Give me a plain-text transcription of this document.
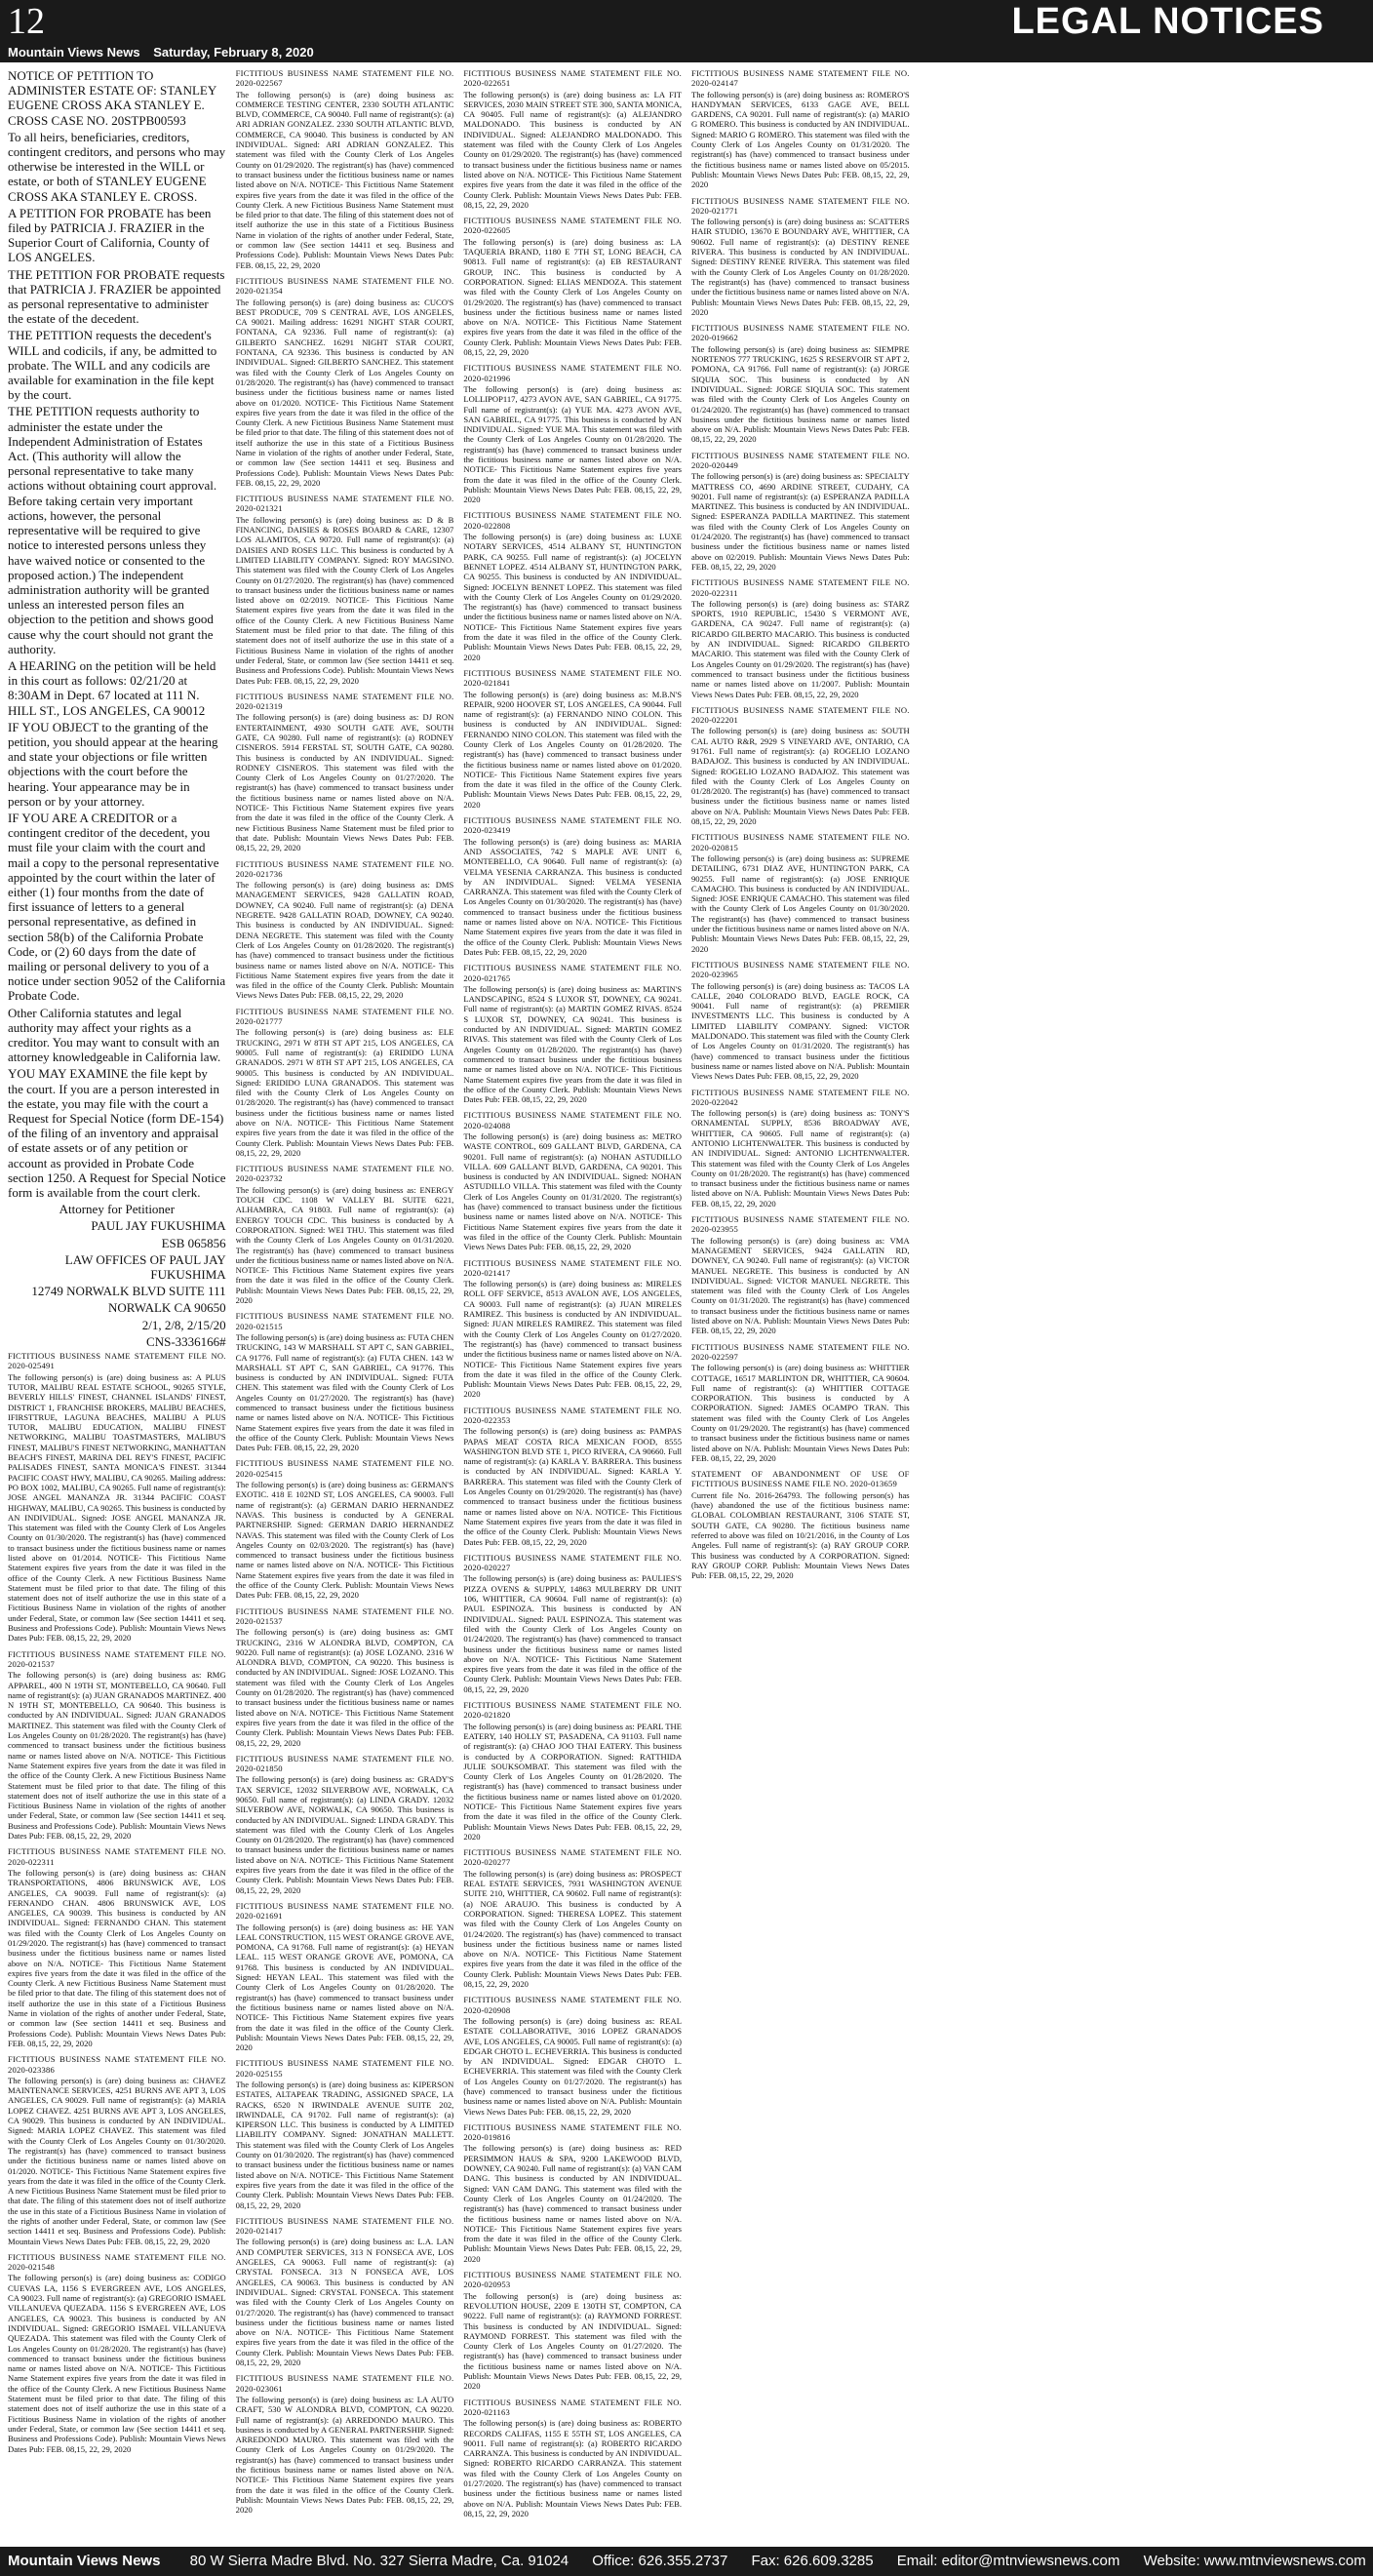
12	LEGAL NOTICES
Mountain Views News Saturday, February 8, 2020

NOTICE OF PETITION TO ADMINISTER ESTATE OF: STANLEY EUGENE CROSS AKA STANLEY E. CROSS CASE NO. 20STPB00593

To all heirs, beneficiaries, creditors, contingent creditors, and persons who may otherwise be interested in the WILL or estate, or both of STANLEY EUGENE CROSS AKA STANLEY E. CROSS.

A PETITION FOR PROBATE has been filed by PATRICIA J. FRAZIER in the Superior Court of California, County of LOS ANGELES.

THE PETITION FOR PROBATE requests that PATRICIA J. FRAZIER be appointed as personal representative to administer the estate of the decedent.

THE PETITION requests the decedent's WILL and codicils, if any, be admitted to probate. The WILL and any codicils are available for examination in the file kept by the court.

THE PETITION requests authority to administer the estate under the Independent Administration of Estates Act. (This authority will allow the personal representative to take many actions without obtaining court approval. Before taking certain very important actions, however, the personal representative will be required to give notice to interested persons unless they have waived notice or consented to the proposed action.) The independent administration authority will be granted unless an interested person files an objection to the petition and shows good cause why the court should not grant the authority.

A HEARING on the petition will be held in this court as follows: 02/21/20 at 8:30AM in Dept. 67 located at 111 N. HILL ST., LOS ANGELES, CA 90012

IF YOU OBJECT to the granting of the petition, you should appear at the hearing and state your objections or file written objections with the court before the hearing. Your appearance may be in person or by your attorney.

IF YOU ARE A CREDITOR or a contingent creditor of the decedent, you must file your claim with the court and mail a copy to the personal representative appointed by the court within the later of either (1) four months from the date of first issuance of letters to a general personal representative, as defined in section 58(b) of the California Probate Code, or (2) 60 days from the date of mailing or personal delivery to you of a notice under section 9052 of the California Probate Code.

Other California statutes and legal authority may affect your rights as a creditor. You may want to consult with an attorney knowledgeable in California law.

YOU MAY EXAMINE the file kept by the court. If you are a person interested in the estate, you may file with the court a Request for Special Notice (form DE-154) of the filing of an inventory and appraisal of estate assets or of any petition or account as provided in Probate Code section 1250. A Request for Special Notice form is available from the court clerk.

Attorney for Petitioner

PAUL JAY FUKUSHIMA

ESB 065856

LAW OFFICES OF PAUL JAY FUKUSHIMA

12749 NORWALK BLVD SUITE 111

NORWALK CA 90650

2/1, 2/8, 2/15/20

CNS-3336166#

FICTITIOUS BUSINESS NAME STATEMENT FILE NO. 2020-025491

The following person(s) is (are) doing business as: A PLUS TUTOR, MALIBU REAL ESTATE SCHOOL, 90265 STYLE, BEVERLY HILLS' FINEST, CHANNEL ISLANDS' FINEST, DISTRICT 1, FRANCHISE BROKERS, MALIBU BEACHES, IFIRSTTRUE, LAGUNA BEACHES, MALIBU A PLUS TUTOR, MALIBU EDUCATION, MALIBU FINEST NETWORKING, MALIBU TOASTMASTERS, MALIBU'S FINEST, MALIBU'S FINEST NETWORKING, MANHATTAN BEACH'S FINEST, MARINA DEL REY'S FINEST, PACIFIC PALISADES FINEST, SANTA MONICA'S FINEST. 31344 PACIFIC COAST HWY, MALIBU, CA 90265. Mailing address: PO BOX 1002, MALIBU, CA 90265. Full name of registrant(s): JOSE ANGEL MANANZA JR. 31344 PACIFIC COAST HIGHWAY, MALIBU, CA 90265. This business is conducted by AN INDIVIDUAL. Signed: JOSE ANGEL MANANZA JR. This statement was filed with the County Clerk of Los Angeles County on 01/30/2020. The registrant(s) has (have) commenced to transact business under the fictitious business name or names listed above on 01/2014. NOTICE- This Fictitious Name Statement expires five years from the date it was filed in the office of the County Clerk. A new Fictitious Business Name Statement must be filed prior to that date. The filing of this statement does not of itself authorize the use in this state of a Fictitious Business Name in violation of the rights of another under Federal, State, or common law (See section 14411 et seq. Business and Professions Code). Publish: Mountain Views News Dates Pub: FEB. 08,15, 22, 29, 2020

FICTITIOUS BUSINESS NAME STATEMENT FILE NO. 2020-021537

The following person(s) is (are) doing business as: RMG APPAREL, 400 N 19TH ST, MONTEBELLO, CA 90640. Full name of registrant(s): (a) JUAN GRANADOS MARTINEZ. 400 N 19TH ST, MONTEBELLO, CA 90640. This business is conducted by AN INDIVIDUAL. Signed: JUAN GRANADOS MARTINEZ. This statement was filed with the County Clerk of Los Angeles County on 01/28/2020. The registrant(s) has (have) commenced to transact business under the fictitious business name or names listed above on N/A. NOTICE- This Fictitious Name Statement expires five years from the date it was filed in the office of the County Clerk. A new Fictitious Business Name Statement must be filed prior to that date. The filing of this statement does not of itself authorize the use in this state of a Fictitious Business Name in violation of the rights of another under Federal, State, or common law (See section 14411 et seq. Business and Professions Code). Publish: Mountain Views News Dates Pub: FEB. 08,15, 22, 29, 2020

FICTITIOUS BUSINESS NAME STATEMENT FILE NO. 2020-022311

The following person(s) is (are) doing business as: CHAN TRANSPORTATIONS, 4806 BRUNSWICK AVE, LOS ANGELES, CA 90039. Full name of registrant(s): (a) FERNANDO CHAN. 4806 BRUNSWICK AVE, LOS ANGELES, CA 90039. This business is conducted by AN INDIVIDUAL. Signed: FERNANDO CHAN. This statement was filed with the County Clerk of Los Angeles County on 01/29/2020. The registrant(s) has (have) commenced to transact business under the fictitious business name or names listed above on N/A. NOTICE- This Fictitious Name Statement expires five years from the date it was filed in the office of the County Clerk. A new Fictitious Business Name Statement must be filed prior to that date. The filing of this statement does not of itself authorize the use in this state of a Fictitious Business Name in violation of the rights of another under Federal, State, or common law (See section 14411 et seq. Business and Professions Code). Publish: Mountain Views News Dates Pub: FEB. 08,15, 22, 29, 2020

FICTITIOUS BUSINESS NAME STATEMENT FILE NO. 2020-023386

The following person(s) is (are) doing business as: CHAVEZ MAINTENANCE SERVICES, 4251 BURNS AVE APT 3, LOS ANGELES, CA 90029. Full name of registrant(s): (a) MARIA LOPEZ CHAVEZ. 4251 BURNS AVE APT 3, LOS ANGELES, CA 90029. This business is conducted by AN INDIVIDUAL. Signed: MARIA LOPEZ CHAVEZ. This statement was filed with the County Clerk of Los Angeles County on 01/30/2020. The registrant(s) has (have) commenced to transact business under the fictitious business name or names listed above on 01/2020. NOTICE- This Fictitious Name Statement expires five years from the date it was filed in the office of the County Clerk. A new Fictitious Business Name Statement must be filed prior to that date. The filing of this statement does not of itself authorize the use in this state of a Fictitious Business Name in violation of the rights of another under Federal, State, or common law (See section 14411 et seq. Business and Professions Code). Publish: Mountain Views News Dates Pub: FEB. 08,15, 22, 29, 2020

FICTITIOUS BUSINESS NAME STATEMENT FILE NO. 2020-021548

The following person(s) is (are) doing business as: CODIGO CUEVAS LA, 1156 S EVERGREEN AVE, LOS ANGELES, CA 90023. Full name of registrant(s): (a) GREGORIO ISMAEL VILLANUEVA QUEZADA. 1156 S EVERGREEN AVE, LOS ANGELES, CA 90023. This business is conducted by AN INDIVIDUAL. Signed: GREGORIO ISMAEL VILLANUEVA QUEZADA. This statement was filed with the County Clerk of Los Angeles County on 01/28/2020. The registrant(s) has (have) commenced to transact business under the fictitious business name or names listed above on N/A. NOTICE- This Fictitious Name Statement expires five years from the date it was filed in the office of the County Clerk. A new Fictitious Business Name Statement must be filed prior to that date. The filing of this statement does not of itself authorize the use in this state of a Fictitious Business Name in violation of the rights of another under Federal, State, or common law (See section 14411 et seq. Business and Professions Code). Publish: Mountain Views News Dates Pub: FEB. 08,15, 22, 29, 2020

FICTITIOUS BUSINESS NAME STATEMENT FILE NO. 2020-022567

The following person(s) is (are) doing business as: COMMERCE TESTING CENTER, 2330 SOUTH ATLANTIC BLVD, COMMERCE, CA 90040. Full name of registrant(s): (a) ARI ADRIAN GONZALEZ. 2330 SOUTH ATLANTIC BLVD, COMMERCE, CA 90040. This business is conducted by AN INDIVIDUAL. Signed: ARI ADRIAN GONZALEZ. This statement was filed with the County Clerk of Los Angeles County on 01/29/2020. The registrant(s) has (have) commenced to transact business under the fictitious business name or names listed above on N/A. NOTICE- This Fictitious Name Statement expires five years from the date it was filed in the office of the County Clerk. A new Fictitious Business Name Statement must be filed prior to that date. The filing of this statement does not of itself authorize the use in this state of a Fictitious Business Name in violation of the rights of another under Federal, State, or common law (See section 14411 et seq. Business and Professions Code). Publish: Mountain Views News Dates Pub: FEB. 08,15, 22, 29, 2020

FICTITIOUS BUSINESS NAME STATEMENT FILE NO. 2020-021354

The following person(s) is (are) doing business as: CUCO'S BEST PRODUCE, 709 S CENTRAL AVE, LOS ANGELES, CA 90021. Mailing address: 16291 NIGHT STAR COURT, FONTANA, CA 92336. Full name of registrant(s): (a) GILBERTO SANCHEZ. 16291 NIGHT STAR COURT, FONTANA, CA 92336. This business is conducted by AN INDIVIDUAL. Signed: GILBERTO SANCHEZ. This statement was filed with the County Clerk of Los Angeles County on 01/28/2020. The registrant(s) has (have) commenced to transact business under the fictitious business name or names listed above on 01/2020. NOTICE- This Fictitious Name Statement expires five years from the date it was filed in the office of the County Clerk. A new Fictitious Business Name Statement must be filed prior to that date. The filing of this statement does not of itself authorize the use in this state of a Fictitious Business Name in violation of the rights of another under Federal, State, or common law (See section 14411 et seq. Business and Professions Code). Publish: Mountain Views News Dates Pub: FEB. 08,15, 22, 29, 2020

FICTITIOUS BUSINESS NAME STATEMENT FILE NO. 2020-021321

The following person(s) is (are) doing business as: D & B FINANCING, DAISIES & ROSES BOARD & CARE, 12307 LOS ALAMITOS, CA 90720. Full name of registrant(s): (a) DAISIES AND ROSES LLC. This business is conducted by A LIMITED LIABILITY COMPANY. Signed: ROY MAGSINO. This statement was filed with the County Clerk of Los Angeles County on 01/27/2020. The registrant(s) has (have) commenced to transact business under the fictitious business name or names listed above on 02/2019. NOTICE- This Fictitious Name Statement expires five years from the date it was filed in the office of the County Clerk. A new Fictitious Business Name Statement must be filed prior to that date. The filing of this statement does not of itself authorize the use in this state of a Fictitious Business Name in violation of the rights of another under Federal, State, or common law (See section 14411 et seq. Business and Professions Code). Publish: Mountain Views News Dates Pub: FEB. 08,15, 22, 29, 2020

FICTITIOUS BUSINESS NAME STATEMENT FILE NO. 2020-021319

The following person(s) is (are) doing business as: DJ RON ENTERTAINMENT, 4930 SOUTH GATE AVE, SOUTH GATE, CA 90280. Full name of registrant(s): (a) RODNEY CISNEROS. 5914 FERSTAL ST, SOUTH GATE, CA 90280. This business is conducted by AN INDIVIDUAL. Signed: RODNEY CISNEROS. This statement was filed with the County Clerk of Los Angeles County on 01/27/2020. The registrant(s) has (have) commenced to transact business under the fictitious business name or names listed above on N/A. NOTICE- This Fictitious Name Statement expires five years from the date it was filed in the office of the County Clerk. A new Fictitious Business Name Statement must be filed prior to that date. Publish: Mountain Views News Dates Pub: FEB. 08,15, 22, 29, 2020

FICTITIOUS BUSINESS NAME STATEMENT FILE NO. 2020-021736

The following person(s) is (are) doing business as: DMS MANAGEMENT SERVICES, 9428 GALLATIN ROAD, DOWNEY, CA 90240. Full name of registrant(s): (a) DENA NEGRETE. 9428 GALLATIN ROAD, DOWNEY, CA 90240. This business is conducted by AN INDIVIDUAL. Signed: DENA NEGRETE. This statement was filed with the County Clerk of Los Angeles County on 01/28/2020. The registrant(s) has (have) commenced to transact business under the fictitious business name or names listed above on N/A. NOTICE- This Fictitious Name Statement expires five years from the date it was filed in the office of the County Clerk. Publish: Mountain Views News Dates Pub: FEB. 08,15, 22, 29, 2020

FICTITIOUS BUSINESS NAME STATEMENT FILE NO. 2020-021777

The following person(s) is (are) doing business as: ELE TRUCKING, 2971 W 8TH ST APT 215, LOS ANGELES, CA 90005. Full name of registrant(s): (a) ERIDIDO LUNA GRANADOS. 2971 W 8TH ST APT 215, LOS ANGELES, CA 90005. This business is conducted by AN INDIVIDUAL. Signed: ERIDIDO LUNA GRANADOS. This statement was filed with the County Clerk of Los Angeles County on 01/28/2020. The registrant(s) has (have) commenced to transact business under the fictitious business name or names listed above on N/A. NOTICE- This Fictitious Name Statement expires five years from the date it was filed in the office of the County Clerk. Publish: Mountain Views News Dates Pub: FEB. 08,15, 22, 29, 2020

FICTITIOUS BUSINESS NAME STATEMENT FILE NO. 2020-023732

The following person(s) is (are) doing business as: ENERGY TOUCH CDC. 1108 W VALLEY BL SUITE 6221, ALHAMBRA, CA 91803. Full name of registrant(s): (a) ENERGY TOUCH CDC. This business is conducted by A CORPORATION. Signed: WEI THU. This statement was filed with the County Clerk of Los Angeles County on 01/31/2020. The registrant(s) has (have) commenced to transact business under the fictitious business name or names listed above on N/A. NOTICE- This Fictitious Name Statement expires five years from the date it was filed in the office of the County Clerk. Publish: Mountain Views News Dates Pub: FEB. 08,15, 22, 29, 2020

FICTITIOUS BUSINESS NAME STATEMENT FILE NO. 2020-021515

The following person(s) is (are) doing business as: FUTA CHEN TRUCKING, 143 W MARSHALL ST APT C, SAN GABRIEL, CA 91776. Full name of registrant(s): (a) FUTA CHEN. 143 W MARSHALL ST APT C, SAN GABRIEL, CA 91776. This business is conducted by AN INDIVIDUAL. Signed: FUTA CHEN. This statement was filed with the County Clerk of Los Angeles County on 01/27/2020. The registrant(s) has (have) commenced to transact business under the fictitious business name or names listed above on N/A. NOTICE- This Fictitious Name Statement expires five years from the date it was filed in the office of the County Clerk. Publish: Mountain Views News Dates Pub: FEB. 08,15, 22, 29, 2020

FICTITIOUS BUSINESS NAME STATEMENT FILE NO. 2020-025415

The following person(s) is (are) doing business as: GERMAN'S EXOTIC. 418 E 102ND ST, LOS ANGELES, CA 90003. Full name of registrant(s): (a) GERMAN DARIO HERNANDEZ NAVAS. This business is conducted by A GENERAL PARTNERSHIP. Signed: GERMAN DARIO HERNANDEZ NAVAS. This statement was filed with the County Clerk of Los Angeles County on 02/03/2020. The registrant(s) has (have) commenced to transact business under the fictitious business name or names listed above on N/A. NOTICE- This Fictitious Name Statement expires five years from the date it was filed in the office of the County Clerk. Publish: Mountain Views News Dates Pub: FEB. 08,15, 22, 29, 2020

FICTITIOUS BUSINESS NAME STATEMENT FILE NO. 2020-021537

The following person(s) is (are) doing business as: GMT TRUCKING, 2316 W ALONDRA BLVD, COMPTON, CA 90220. Full name of registrant(s): (a) JOSE LOZANO. 2316 W ALONDRA BLVD, COMPTON, CA 90220. This business is conducted by AN INDIVIDUAL. Signed: JOSE LOZANO. This statement was filed with the County Clerk of Los Angeles County on 01/28/2020. The registrant(s) has (have) commenced to transact business under the fictitious business name or names listed above on N/A. NOTICE- This Fictitious Name Statement expires five years from the date it was filed in the office of the County Clerk. Publish: Mountain Views News Dates Pub: FEB. 08,15, 22, 29, 2020

FICTITIOUS BUSINESS NAME STATEMENT FILE NO. 2020-021850

The following person(s) is (are) doing business as: GRADY'S TAX SERVICE, 12032 SILVERBOW AVE, NORWALK, CA 90650. Full name of registrant(s): (a) LINDA GRADY. 12032 SILVERBOW AVE, NORWALK, CA 90650. This business is conducted by AN INDIVIDUAL. Signed: LINDA GRADY. This statement was filed with the County Clerk of Los Angeles County on 01/28/2020. The registrant(s) has (have) commenced to transact business under the fictitious business name or names listed above on N/A. NOTICE- This Fictitious Name Statement expires five years from the date it was filed in the office of the County Clerk. Publish: Mountain Views News Dates Pub: FEB. 08,15, 22, 29, 2020

FICTITIOUS BUSINESS NAME STATEMENT FILE NO. 2020-021691

The following person(s) is (are) doing business as: HE YAN LEAL CONSTRUCTION, 115 WEST ORANGE GROVE AVE, POMONA, CA 91768. Full name of registrant(s): (a) HEYAN LEAL. 115 WEST ORANGE GROVE AVE, POMONA, CA 91768. This business is conducted by AN INDIVIDUAL. Signed: HEYAN LEAL. This statement was filed with the County Clerk of Los Angeles County on 01/28/2020. The registrant(s) has (have) commenced to transact business under the fictitious business name or names listed above on N/A. NOTICE- This Fictitious Name Statement expires five years from the date it was filed in the office of the County Clerk. Publish: Mountain Views News Dates Pub: FEB. 08,15, 22, 29, 2020

FICTITIOUS BUSINESS NAME STATEMENT FILE NO. 2020-025155

The following person(s) is (are) doing business as: KIPERSON ESTATES, ALTAPEAK TRADING, ASSIGNED SPACE, LA RACKS, 6520 N IRWINDALE AVENUE SUITE 202, IRWINDALE, CA 91702. Full name of registrant(s): (a) KIPERSON LLC. This business is conducted by A LIMITED LIABILITY COMPANY. Signed: JONATHAN MALLETT. This statement was filed with the County Clerk of Los Angeles County on 01/30/2020. The registrant(s) has (have) commenced to transact business under the fictitious business name or names listed above on N/A. NOTICE- This Fictitious Name Statement expires five years from the date it was filed in the office of the County Clerk. Publish: Mountain Views News Dates Pub: FEB. 08,15, 22, 29, 2020

FICTITIOUS BUSINESS NAME STATEMENT FILE NO. 2020-021417

The following person(s) is (are) doing business as: L.A. LAN AND COMPUTER SERVICES, 313 N FONSECA AVE, LOS ANGELES, CA 90063. Full name of registrant(s): (a) CRYSTAL FONSECA. 313 N FONSECA AVE, LOS ANGELES, CA 90063. This business is conducted by AN INDIVIDUAL. Signed: CRYSTAL FONSECA. This statement was filed with the County Clerk of Los Angeles County on 01/27/2020. The registrant(s) has (have) commenced to transact business under the fictitious business name or names listed above on N/A. NOTICE- This Fictitious Name Statement expires five years from the date it was filed in the office of the County Clerk. Publish: Mountain Views News Dates Pub: FEB. 08,15, 22, 29, 2020

FICTITIOUS BUSINESS NAME STATEMENT FILE NO. 2020-023061

The following person(s) is (are) doing business as: LA AUTO CRAFT, 530 W ALONDRA BLVD, COMPTON, CA 90220. Full name of registrant(s): (a) ARREDONDO MAURO. This business is conducted by A GENERAL PARTNERSHIP. Signed: ARREDONDO MAURO. This statement was filed with the County Clerk of Los Angeles County on 01/29/2020. The registrant(s) has (have) commenced to transact business under the fictitious business name or names listed above on N/A. NOTICE- This Fictitious Name Statement expires five years from the date it was filed in the office of the County Clerk. Publish: Mountain Views News Dates Pub: FEB. 08,15, 22, 29, 2020

FICTITIOUS BUSINESS NAME STATEMENT FILE NO. 2020-022651

The following person(s) is (are) doing business as: LA FIT SERVICES, 2030 MAIN STREET STE 300, SANTA MONICA, CA 90405. Full name of registrant(s): (a) ALEJANDRO MALDONADO. This business is conducted by AN INDIVIDUAL. Signed: ALEJANDRO MALDONADO. This statement was filed with the County Clerk of Los Angeles County on 01/29/2020. The registrant(s) has (have) commenced to transact business under the fictitious business name or names listed above on N/A. NOTICE- This Fictitious Name Statement expires five years from the date it was filed in the office of the County Clerk. Publish: Mountain Views News Dates Pub: FEB. 08,15, 22, 29, 2020

FICTITIOUS BUSINESS NAME STATEMENT FILE NO. 2020-022605

The following person(s) is (are) doing business as: LA TAQUERIA BRAND, 1180 E 7TH ST, LONG BEACH, CA 90813. Full name of registrant(s): (a) EB RESTAURANT GROUP, INC. This business is conducted by A CORPORATION. Signed: ELIAS MENDOZA. This statement was filed with the County Clerk of Los Angeles County on 01/29/2020. The registrant(s) has (have) commenced to transact business under the fictitious business name or names listed above on N/A. NOTICE- This Fictitious Name Statement expires five years from the date it was filed in the office of the County Clerk. Publish: Mountain Views News Dates Pub: FEB. 08,15, 22, 29, 2020

FICTITIOUS BUSINESS NAME STATEMENT FILE NO. 2020-021996

The following person(s) is (are) doing business as: LOLLIPOP117, 4273 AVON AVE, SAN GABRIEL, CA 91775. Full name of registrant(s): (a) YUE MA. 4273 AVON AVE, SAN GABRIEL, CA 91775. This business is conducted by AN INDIVIDUAL. Signed: YUE MA. This statement was filed with the County Clerk of Los Angeles County on 01/28/2020. The registrant(s) has (have) commenced to transact business under the fictitious business name or names listed above on N/A. NOTICE- This Fictitious Name Statement expires five years from the date it was filed in the office of the County Clerk. Publish: Mountain Views News Dates Pub: FEB. 08,15, 22, 29, 2020

FICTITIOUS BUSINESS NAME STATEMENT FILE NO. 2020-022808

The following person(s) is (are) doing business as: LUXE NOTARY SERVICES, 4514 ALBANY ST, HUNTINGTON PARK, CA 90255. Full name of registrant(s): (a) JOCELYN BENNET LOPEZ. 4514 ALBANY ST, HUNTINGTON PARK, CA 90255. This business is conducted by AN INDIVIDUAL. Signed: JOCELYN BENNET LOPEZ. This statement was filed with the County Clerk of Los Angeles County on 01/29/2020. The registrant(s) has (have) commenced to transact business under the fictitious business name or names listed above on N/A. NOTICE- This Fictitious Name Statement expires five years from the date it was filed in the office of the County Clerk. Publish: Mountain Views News Dates Pub: FEB. 08,15, 22, 29, 2020

FICTITIOUS BUSINESS NAME STATEMENT FILE NO. 2020-021841

The following person(s) is (are) doing business as: M.B.N'S REPAIR, 9200 HOOVER ST, LOS ANGELES, CA 90044. Full name of registrant(s): (a) FERNANDO NINO COLON. This business is conducted by AN INDIVIDUAL. Signed: FERNANDO NINO COLON. This statement was filed with the County Clerk of Los Angeles County on 01/28/2020. The registrant(s) has (have) commenced to transact business under the fictitious business name or names listed above on 01/2020. NOTICE- This Fictitious Name Statement expires five years from the date it was filed in the office of the County Clerk. Publish: Mountain Views News Dates Pub: FEB. 08,15, 22, 29, 2020

FICTITIOUS BUSINESS NAME STATEMENT FILE NO. 2020-023419

The following person(s) is (are) doing business as: MARIA AND ASSOCIATES, 742 S MAPLE AVE UNIT 6, MONTEBELLO, CA 90640. Full name of registrant(s): (a) VELMA YESENIA CARRANZA. This business is conducted by AN INDIVIDUAL. Signed: VELMA YESENIA CARRANZA. This statement was filed with the County Clerk of Los Angeles County on 01/30/2020. The registrant(s) has (have) commenced to transact business under the fictitious business name or names listed above on N/A. NOTICE- This Fictitious Name Statement expires five years from the date it was filed in the office of the County Clerk. Publish: Mountain Views News Dates Pub: FEB. 08,15, 22, 29, 2020

FICTITIOUS BUSINESS NAME STATEMENT FILE NO. 2020-021765

The following person(s) is (are) doing business as: MARTIN'S LANDSCAPING, 8524 S LUXOR ST, DOWNEY, CA 90241. Full name of registrant(s): (a) MARTIN GOMEZ RIVAS. 8524 S LUXOR ST, DOWNEY, CA 90241. This business is conducted by AN INDIVIDUAL. Signed: MARTIN GOMEZ RIVAS. This statement was filed with the County Clerk of Los Angeles County on 01/28/2020. The registrant(s) has (have) commenced to transact business under the fictitious business name or names listed above on N/A. NOTICE- This Fictitious Name Statement expires five years from the date it was filed in the office of the County Clerk. Publish: Mountain Views News Dates Pub: FEB. 08,15, 22, 29, 2020

FICTITIOUS BUSINESS NAME STATEMENT FILE NO. 2020-024088

The following person(s) is (are) doing business as: METRO WASTE CONTROL, 609 GALLANT BLVD, GARDENA, CA 90201. Full name of registrant(s): (a) NOHAN ASTUDILLO VILLA. 609 GALLANT BLVD, GARDENA, CA 90201. This business is conducted by AN INDIVIDUAL. Signed: NOHAN ASTUDILLO VILLA. This statement was filed with the County Clerk of Los Angeles County on 01/31/2020. The registrant(s) has (have) commenced to transact business under the fictitious business name or names listed above on N/A. NOTICE- This Fictitious Name Statement expires five years from the date it was filed in the office of the County Clerk. Publish: Mountain Views News Dates Pub: FEB. 08,15, 22, 29, 2020

FICTITIOUS BUSINESS NAME STATEMENT FILE NO. 2020-021417

The following person(s) is (are) doing business as: MIRELES ROLL OFF SERVICE, 8513 AVALON AVE, LOS ANGELES, CA 90003. Full name of registrant(s): (a) JUAN MIRELES RAMIREZ. This business is conducted by AN INDIVIDUAL. Signed: JUAN MIRELES RAMIREZ. This statement was filed with the County Clerk of Los Angeles County on 01/27/2020. The registrant(s) has (have) commenced to transact business under the fictitious business name or names listed above on N/A. NOTICE- This Fictitious Name Statement expires five years from the date it was filed in the office of the County Clerk. Publish: Mountain Views News Dates Pub: FEB. 08,15, 22, 29, 2020

FICTITIOUS BUSINESS NAME STATEMENT FILE NO. 2020-022353

The following person(s) is (are) doing business as: PAMPAS PAPAS MEAT COSTA RICA MEXICAN FOOD, 8555 WASHINGTON BLVD STE 1, PICO RIVERA, CA 90660. Full name of registrant(s): (a) KARLA Y. BARRERA. This business is conducted by AN INDIVIDUAL. Signed: KARLA Y. BARRERA. This statement was filed with the County Clerk of Los Angeles County on 01/29/2020. The registrant(s) has (have) commenced to transact business under the fictitious business name or names listed above on N/A. NOTICE- This Fictitious Name Statement expires five years from the date it was filed in the office of the County Clerk. Publish: Mountain Views News Dates Pub: FEB. 08,15, 22, 29, 2020

FICTITIOUS BUSINESS NAME STATEMENT FILE NO. 2020-020227

The following person(s) is (are) doing business as: PAULIES'S PIZZA OVENS & SUPPLY, 14863 MULBERRY DR UNIT 106, WHITTIER, CA 90604. Full name of registrant(s): (a) PAUL ESPINOZA. This business is conducted by AN INDIVIDUAL. Signed: PAUL ESPINOZA. This statement was filed with the County Clerk of Los Angeles County on 01/24/2020. The registrant(s) has (have) commenced to transact business under the fictitious business name or names listed above on N/A. NOTICE- This Fictitious Name Statement expires five years from the date it was filed in the office of the County Clerk. Publish: Mountain Views News Dates Pub: FEB. 08,15, 22, 29, 2020

FICTITIOUS BUSINESS NAME STATEMENT FILE NO. 2020-021820

The following person(s) is (are) doing business as: PEARL THE EATERY, 140 HOLLY ST, PASADENA, CA 91103. Full name of registrant(s): (a) CHAO JOO THAI EATERY. This business is conducted by A CORPORATION. Signed: RATTHIDA JULIE SOUKSOMBAT. This statement was filed with the County Clerk of Los Angeles County on 01/28/2020. The registrant(s) has (have) commenced to transact business under the fictitious business name or names listed above on 01/2020. NOTICE- This Fictitious Name Statement expires five years from the date it was filed in the office of the County Clerk. Publish: Mountain Views News Dates Pub: FEB. 08,15, 22, 29, 2020

FICTITIOUS BUSINESS NAME STATEMENT FILE NO. 2020-020277

The following person(s) is (are) doing business as: PROSPECT REAL ESTATE SERVICES, 7931 WASHINGTON AVENUE SUITE 210, WHITTIER, CA 90602. Full name of registrant(s): (a) NOE ARAUJO. This business is conducted by A CORPORATION. Signed: THERESA LOPEZ. This statement was filed with the County Clerk of Los Angeles County on 01/24/2020. The registrant(s) has (have) commenced to transact business under the fictitious business name or names listed above on N/A. NOTICE- This Fictitious Name Statement expires five years from the date it was filed in the office of the County Clerk. Publish: Mountain Views News Dates Pub: FEB. 08,15, 22, 29, 2020

FICTITIOUS BUSINESS NAME STATEMENT FILE NO. 2020-020908

The following person(s) is (are) doing business as: REAL ESTATE COLLABORATIVE, 3016 LOPEZ GRANADOS AVE, LOS ANGELES, CA 90005. Full name of registrant(s): (a) EDGAR CHOTO L. ECHEVERRIA. This business is conducted by AN INDIVIDUAL. Signed: EDGAR CHOTO L. ECHEVERRIA. This statement was filed with the County Clerk of Los Angeles County on 01/27/2020. The registrant(s) has (have) commenced to transact business under the fictitious business name or names listed above on N/A. Publish: Mountain Views News Dates Pub: FEB. 08,15, 22, 29, 2020

FICTITIOUS BUSINESS NAME STATEMENT FILE NO. 2020-019816

The following person(s) is (are) doing business as: RED PERSIMMON HAUS & SPA, 9200 LAKEWOOD BLVD, DOWNEY, CA 90240. Full name of registrant(s): (a) VAN CAM DANG. This business is conducted by AN INDIVIDUAL. Signed: VAN CAM DANG. This statement was filed with the County Clerk of Los Angeles County on 01/24/2020. The registrant(s) has (have) commenced to transact business under the fictitious business name or names listed above on N/A. NOTICE- This Fictitious Name Statement expires five years from the date it was filed in the office of the County Clerk. Publish: Mountain Views News Dates Pub: FEB. 08,15, 22, 29, 2020

FICTITIOUS BUSINESS NAME STATEMENT FILE NO. 2020-020953

The following person(s) is (are) doing business as: REVOLUTION HOUSE, 2209 E 130TH ST, COMPTON, CA 90222. Full name of registrant(s): (a) RAYMOND FORREST. This business is conducted by AN INDIVIDUAL. Signed: RAYMOND FORREST. This statement was filed with the County Clerk of Los Angeles County on 01/27/2020. The registrant(s) has (have) commenced to transact business under the fictitious business name or names listed above on N/A. Publish: Mountain Views News Dates Pub: FEB. 08,15, 22, 29, 2020

FICTITIOUS BUSINESS NAME STATEMENT FILE NO. 2020-021163

The following person(s) is (are) doing business as: ROBERTO RECORDS CALIFAS, 1155 E 55TH ST, LOS ANGELES, CA 90011. Full name of registrant(s): (a) ROBERTO RICARDO CARRANZA. This business is conducted by AN INDIVIDUAL. Signed: ROBERTO RICARDO CARRANZA. This statement was filed with the County Clerk of Los Angeles County on 01/27/2020. The registrant(s) has (have) commenced to transact business under the fictitious business name or names listed above on N/A. Publish: Mountain Views News Dates Pub: FEB. 08,15, 22, 29, 2020

FICTITIOUS BUSINESS NAME STATEMENT FILE NO. 2020-024147

The following person(s) is (are) doing business as: ROMERO'S HANDYMAN SERVICES, 6133 GAGE AVE, BELL GARDENS, CA 90201. Full name of registrant(s): (a) MARIO G ROMERO. This business is conducted by AN INDIVIDUAL. Signed: MARIO G ROMERO. This statement was filed with the County Clerk of Los Angeles County on 01/31/2020. The registrant(s) has (have) commenced to transact business under the fictitious business name or names listed above on 05/2015. Publish: Mountain Views News Dates Pub: FEB. 08,15, 22, 29, 2020

FICTITIOUS BUSINESS NAME STATEMENT FILE NO. 2020-021771

The following person(s) is (are) doing business as: SCATTERS HAIR STUDIO, 13670 E BOUNDARY AVE, WHITTIER, CA 90602. Full name of registrant(s): (a) DESTINY RENEE RIVERA. This business is conducted by AN INDIVIDUAL. Signed: DESTINY RENEE RIVERA. This statement was filed with the County Clerk of Los Angeles County on 01/28/2020. The registrant(s) has (have) commenced to transact business under the fictitious business name or names listed above on N/A. Publish: Mountain Views News Dates Pub: FEB. 08,15, 22, 29, 2020

FICTITIOUS BUSINESS NAME STATEMENT FILE NO. 2020-019662

The following person(s) is (are) doing business as: SIEMPRE NORTENOS 777 TRUCKING, 1625 S RESERVOIR ST APT 2, POMONA, CA 91766. Full name of registrant(s): (a) JORGE SIQUIA SOC. This business is conducted by AN INDIVIDUAL. Signed: JORGE SIQUIA SOC. This statement was filed with the County Clerk of Los Angeles County on 01/24/2020. The registrant(s) has (have) commenced to transact business under the fictitious business name or names listed above on N/A. Publish: Mountain Views News Dates Pub: FEB. 08,15, 22, 29, 2020

FICTITIOUS BUSINESS NAME STATEMENT FILE NO. 2020-020449

The following person(s) is (are) doing business as: SPECIALTY MATTRESS CO, 4690 ARDINE STREET, CUDAHY, CA 90201. Full name of registrant(s): (a) ESPERANZA PADILLA MARTINEZ. This business is conducted by AN INDIVIDUAL. Signed: ESPERANZA PADILLA MARTINEZ. This statement was filed with the County Clerk of Los Angeles County on 01/24/2020. The registrant(s) has (have) commenced to transact business under the fictitious business name or names listed above on 02/2019. Publish: Mountain Views News Dates Pub: FEB. 08,15, 22, 29, 2020

FICTITIOUS BUSINESS NAME STATEMENT FILE NO. 2020-022311

The following person(s) is (are) doing business as: STARZ SPORTS, 1910 REPUBLIC, 15430 S VERMONT AVE, GARDENA, CA 90247. Full name of registrant(s): (a) RICARDO GILBERTO MACARIO. This business is conducted by AN INDIVIDUAL. Signed: RICARDO GILBERTO MACARIO. This statement was filed with the County Clerk of Los Angeles County on 01/29/2020. The registrant(s) has (have) commenced to transact business under the fictitious business name or names listed above on 11/2007. Publish: Mountain Views News Dates Pub: FEB. 08,15, 22, 29, 2020

FICTITIOUS BUSINESS NAME STATEMENT FILE NO. 2020-022201

The following person(s) is (are) doing business as: SOUTH CAL AUTO R&R, 2929 S VINEYARD AVE, ONTARIO, CA 91761. Full name of registrant(s): (a) ROGELIO LOZANO BADAJOZ. This business is conducted by AN INDIVIDUAL. Signed: ROGELIO LOZANO BADAJOZ. This statement was filed with the County Clerk of Los Angeles County on 01/28/2020. The registrant(s) has (have) commenced to transact business under the fictitious business name or names listed above on N/A. Publish: Mountain Views News Dates Pub: FEB. 08,15, 22, 29, 2020

FICTITIOUS BUSINESS NAME STATEMENT FILE NO. 2020-020815

The following person(s) is (are) doing business as: SUPREME DETAILING, 6731 DIAZ AVE, HUNTINGTON PARK, CA 90255. Full name of registrant(s): (a) JOSE ENRIQUE CAMACHO. This business is conducted by AN INDIVIDUAL. Signed: JOSE ENRIQUE CAMACHO. This statement was filed with the County Clerk of Los Angeles County on 01/30/2020. The registrant(s) has (have) commenced to transact business under the fictitious business name or names listed above on N/A. Publish: Mountain Views News Dates Pub: FEB. 08,15, 22, 29, 2020

FICTITIOUS BUSINESS NAME STATEMENT FILE NO. 2020-023965

The following person(s) is (are) doing business as: TACOS LA CALLE, 2040 COLORADO BLVD, EAGLE ROCK, CA 90041. Full name of registrant(s): (a) PREMIER INVESTMENTS LLC. This business is conducted by A LIMITED LIABILITY COMPANY. Signed: VICTOR MALDONADO. This statement was filed with the County Clerk of Los Angeles County on 01/31/2020. The registrant(s) has (have) commenced to transact business under the fictitious business name or names listed above on N/A. Publish: Mountain Views News Dates Pub: FEB. 08,15, 22, 29, 2020

FICTITIOUS BUSINESS NAME STATEMENT FILE NO. 2020-022042

The following person(s) is (are) doing business as: TONY'S ORNAMENTAL SUPPLY, 8536 BROADWAY AVE, WHITTIER, CA 90605. Full name of registrant(s): (a) ANTONIO LICHTENWALTER. This business is conducted by AN INDIVIDUAL. Signed: ANTONIO LICHTENWALTER. This statement was filed with the County Clerk of Los Angeles County on 01/28/2020. The registrant(s) has (have) commenced to transact business under the fictitious business name or names listed above on N/A. Publish: Mountain Views News Dates Pub: FEB. 08,15, 22, 29, 2020

FICTITIOUS BUSINESS NAME STATEMENT FILE NO. 2020-023955

The following person(s) is (are) doing business as: VMA MANAGEMENT SERVICES, 9424 GALLATIN RD, DOWNEY, CA 90240. Full name of registrant(s): (a) VICTOR MANUEL NEGRETE. This business is conducted by AN INDIVIDUAL. Signed: VICTOR MANUEL NEGRETE. This statement was filed with the County Clerk of Los Angeles County on 01/31/2020. The registrant(s) has (have) commenced to transact business under the fictitious business name or names listed above on N/A. Publish: Mountain Views News Dates Pub: FEB. 08,15, 22, 29, 2020

FICTITIOUS BUSINESS NAME STATEMENT FILE NO. 2020-022597

The following person(s) is (are) doing business as: WHITTIER COTTAGE, 16517 MARLINTON DR, WHITTIER, CA 90604. Full name of registrant(s): (a) WHITTIER COTTAGE CORPORATION. This business is conducted by A CORPORATION. Signed: JAMES OCAMPO TRAN. This statement was filed with the County Clerk of Los Angeles County on 01/29/2020. The registrant(s) has (have) commenced to transact business under the fictitious business name or names listed above on N/A. Publish: Mountain Views News Dates Pub: FEB. 08,15, 22, 29, 2020

STATEMENT OF ABANDONMENT OF USE OF FICTITIOUS BUSINESS NAME FILE NO. 2020-013659

Current file No. 2016-264793. The following person(s) has (have) abandoned the use of the fictitious business name: GLOBAL COLOMBIAN RESTAURANT, 3106 STATE ST, SOUTH GATE, CA 90280. The fictitious business name referred to above was filed on 10/21/2016, in the County of Los Angeles. Full name of registrant(s): (a) RAY GROUP CORP. This business was conducted by A CORPORATION. Signed: RAY GROUP CORP. Publish: Mountain Views News Dates Pub: FEB. 08,15, 22, 29, 2020

Mountain Views News 80 W Sierra Madre Blvd. No. 327 Sierra Madre, Ca. 91024 Office: 626.355.2737 Fax: 626.609.3285 Email: editor@mtnviewsnews.com Website: www.mtnviewsnews.com
